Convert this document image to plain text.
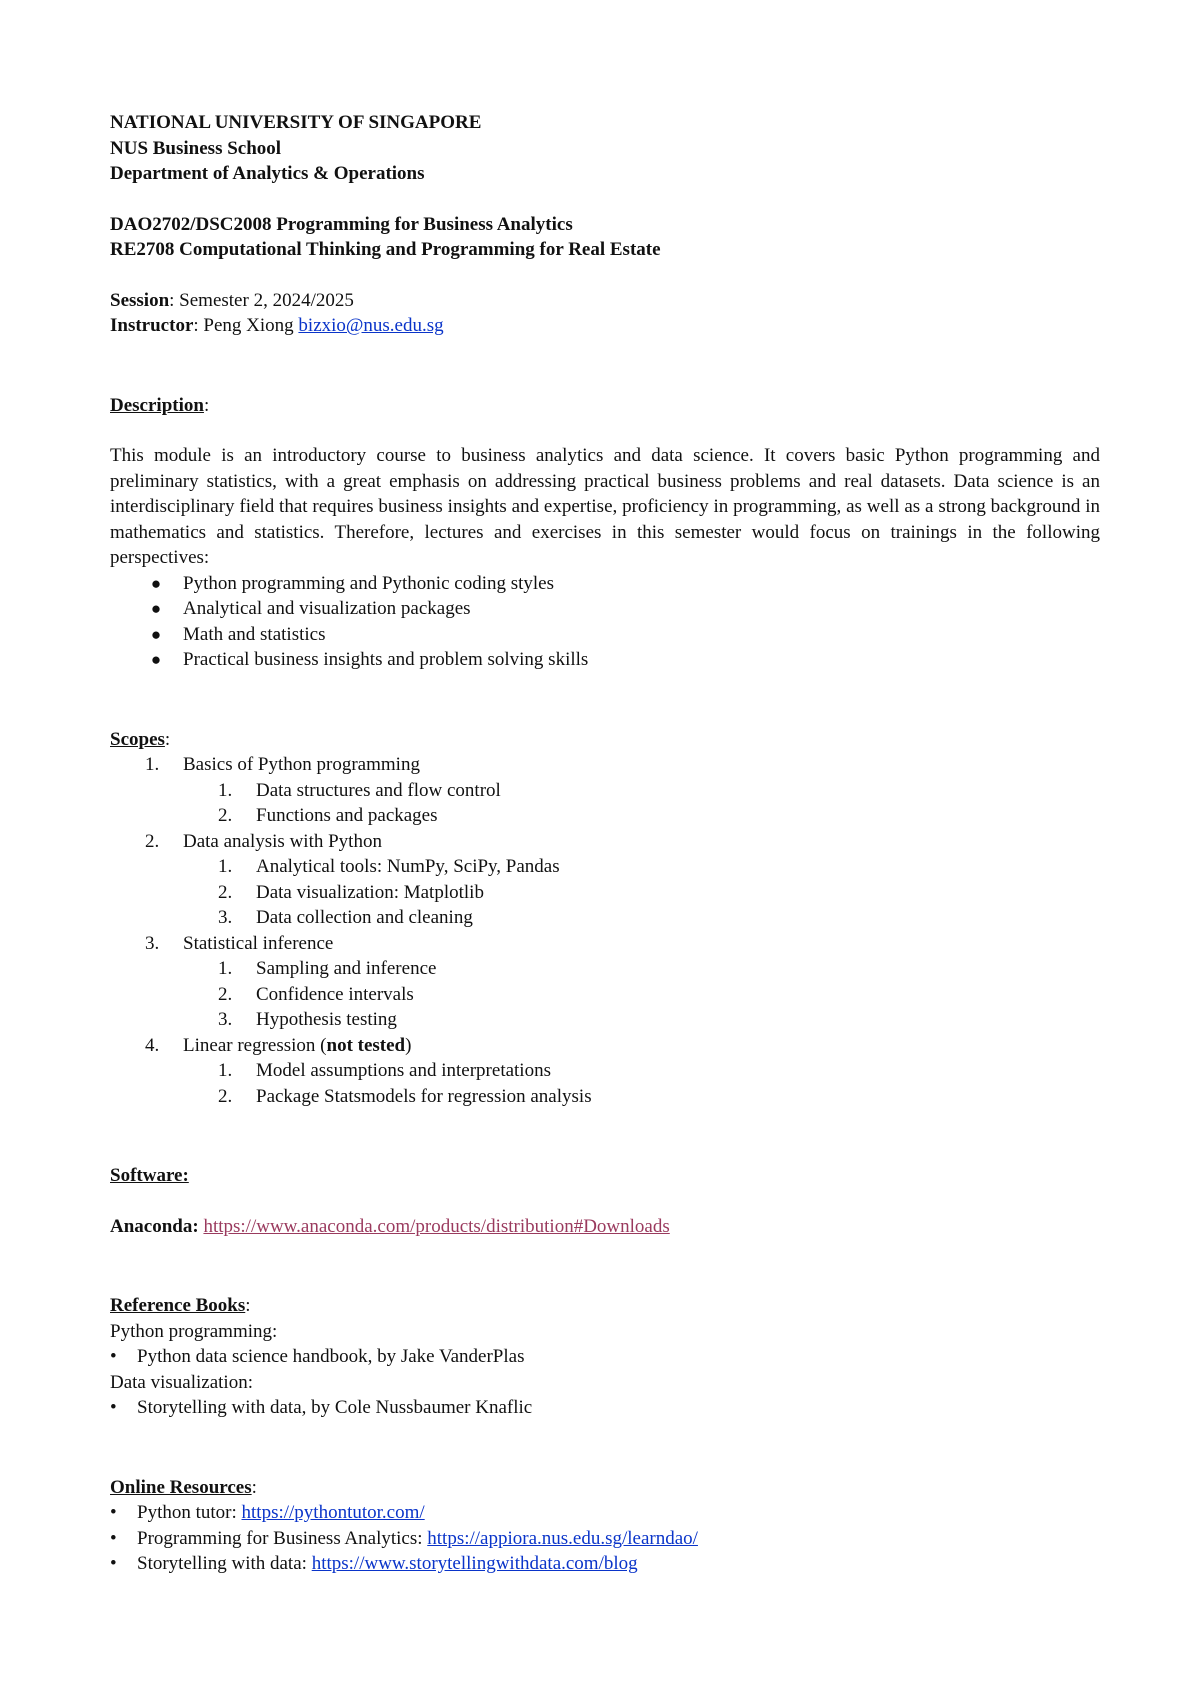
NATIONAL UNIVERSITY OF SINGAPORE

NUS Business School

Department of Analytics & Operations

DAO2702/DSC2008 Programming for Business Analytics

RE2708 Computational Thinking and Programming for Real Estate

Session: Semester 2, 2024/2025

Instructor: Peng Xiong bizxio@nus.edu.sg

Description:

This module is an introductory course to business analytics and data science. It covers basic Python programming and preliminary statistics, with a great emphasis on addressing practical business problems and real datasets. Data science is an interdisciplinary field that requires business insights and expertise, proficiency in programming, as well as a strong background in mathematics and statistics. Therefore, lectures and exercises in this semester would focus on trainings in the following perspectives:

● Python programming and Pythonic coding styles
● Analytical and visualization packages
● Math and statistics
● Practical business insights and problem solving skills

Scopes:

1. Basics of Python programming
1. Data structures and flow control
2. Functions and packages
2. Data analysis with Python
1. Analytical tools: NumPy, SciPy, Pandas
2. Data visualization: Matplotlib
3. Data collection and cleaning
3. Statistical inference
1. Sampling and inference
2. Confidence intervals
3. Hypothesis testing
4. Linear regression (not tested)
1. Model assumptions and interpretations
2. Package Statsmodels for regression analysis

Software:

Anaconda: https://www.anaconda.com/products/distribution#Downloads

Reference Books:

Python programming:

• Python data science handbook, by Jake VanderPlas

Data visualization:

• Storytelling with data, by Cole Nussbaumer Knaflic

Online Resources:

• Python tutor: https://pythontutor.com/
• Programming for Business Analytics: https://appiora.nus.edu.sg/learndao/
• Storytelling with data: https://www.storytellingwithdata.com/blog
